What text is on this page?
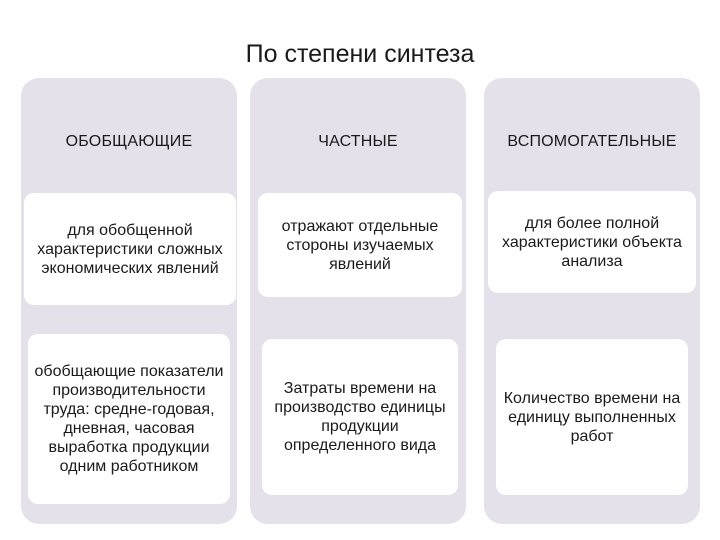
По степени синтеза
ОБОБЩАЮЩИЕ
для обобщенной характеристики сложных экономических явлений
обобщающие показатели производительности труда: средне-годовая, дневная, часовая выработка продукции одним работником
ЧАСТНЫЕ
отражают отдельные стороны изучаемых явлений
Затраты времени на производство единицы продукции определенного вида
ВСПОМОГАТЕЛЬНЫЕ
для более полной характеристики объекта анализа
Количество времени на единицу выполненных работ
